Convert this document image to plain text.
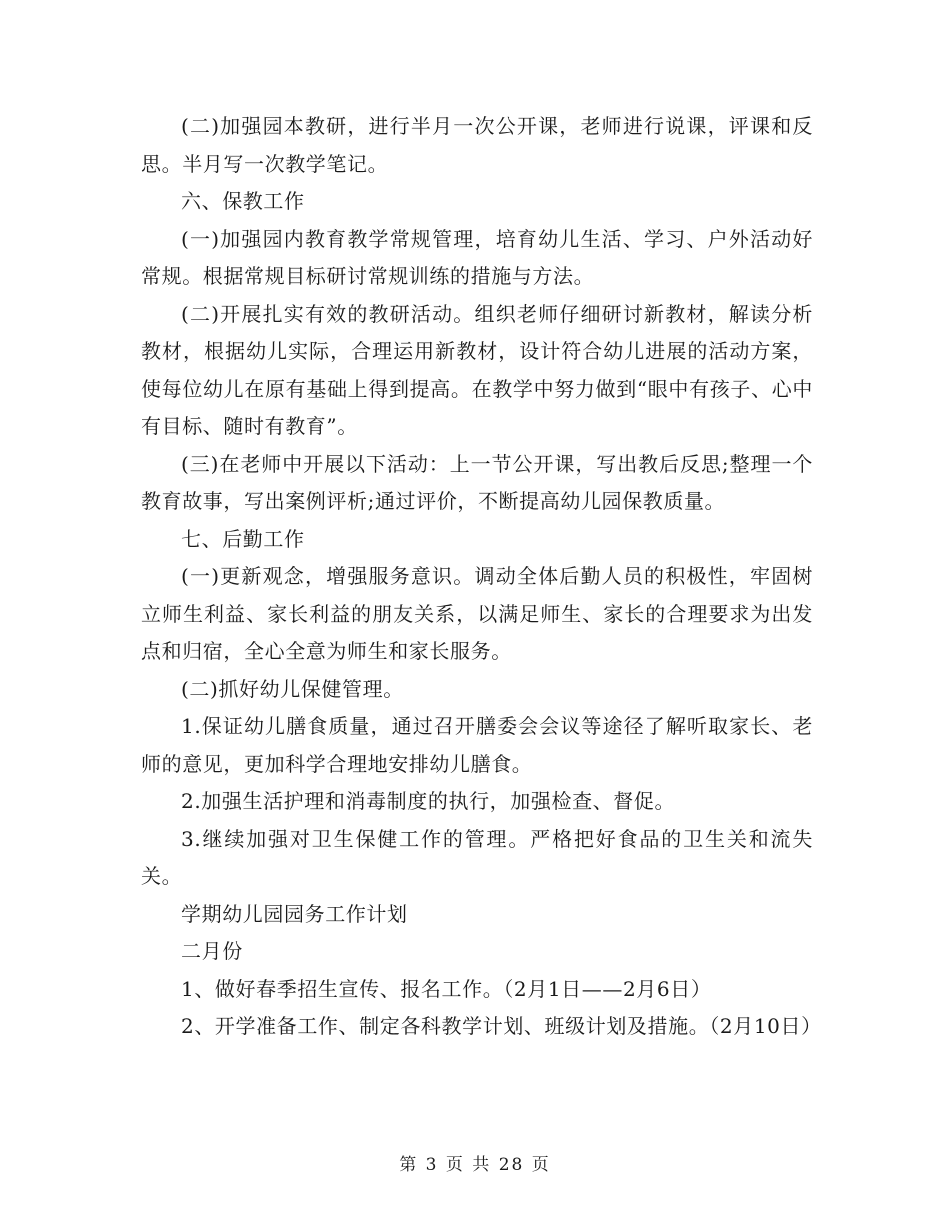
(二)加强园本教研，进行半月一次公开课，老师进行说课，评课和反思。半月写一次教学笔记。

六、保教工作

(一)加强园内教育教学常规管理，培育幼儿生活、学习、户外活动好常规。根据常规目标研讨常规训练的措施与方法。

(二)开展扎实有效的教研活动。组织老师仔细研讨新教材，解读分析教材，根据幼儿实际，合理运用新教材，设计符合幼儿进展的活动方案，使每位幼儿在原有基础上得到提高。在教学中努力做到“眼中有孩子、心中有目标、随时有教育”。

(三)在老师中开展以下活动：上一节公开课，写出教后反思;整理一个教育故事，写出案例评析;通过评价，不断提高幼儿园保教质量。

七、后勤工作

(一)更新观念，增强服务意识。调动全体后勤人员的积极性，牢固树立师生利益、家长利益的朋友关系，以满足师生、家长的合理要求为出发点和归宿，全心全意为师生和家长服务。

(二)抓好幼儿保健管理。

1.保证幼儿膳食质量，通过召开膳委会会议等途径了解听取家长、老师的意见，更加科学合理地安排幼儿膳食。

2.加强生活护理和消毒制度的执行，加强检查、督促。

3.继续加强对卫生保健工作的管理。严格把好食品的卫生关和流失关。

学期幼儿园园务工作计划

二月份

1、做好春季招生宣传、报名工作。（2月1日——2月6日）

2、开学准备工作、制定各科教学计划、班级计划及措施。（2月10日）

第 3 页 共 28 页
